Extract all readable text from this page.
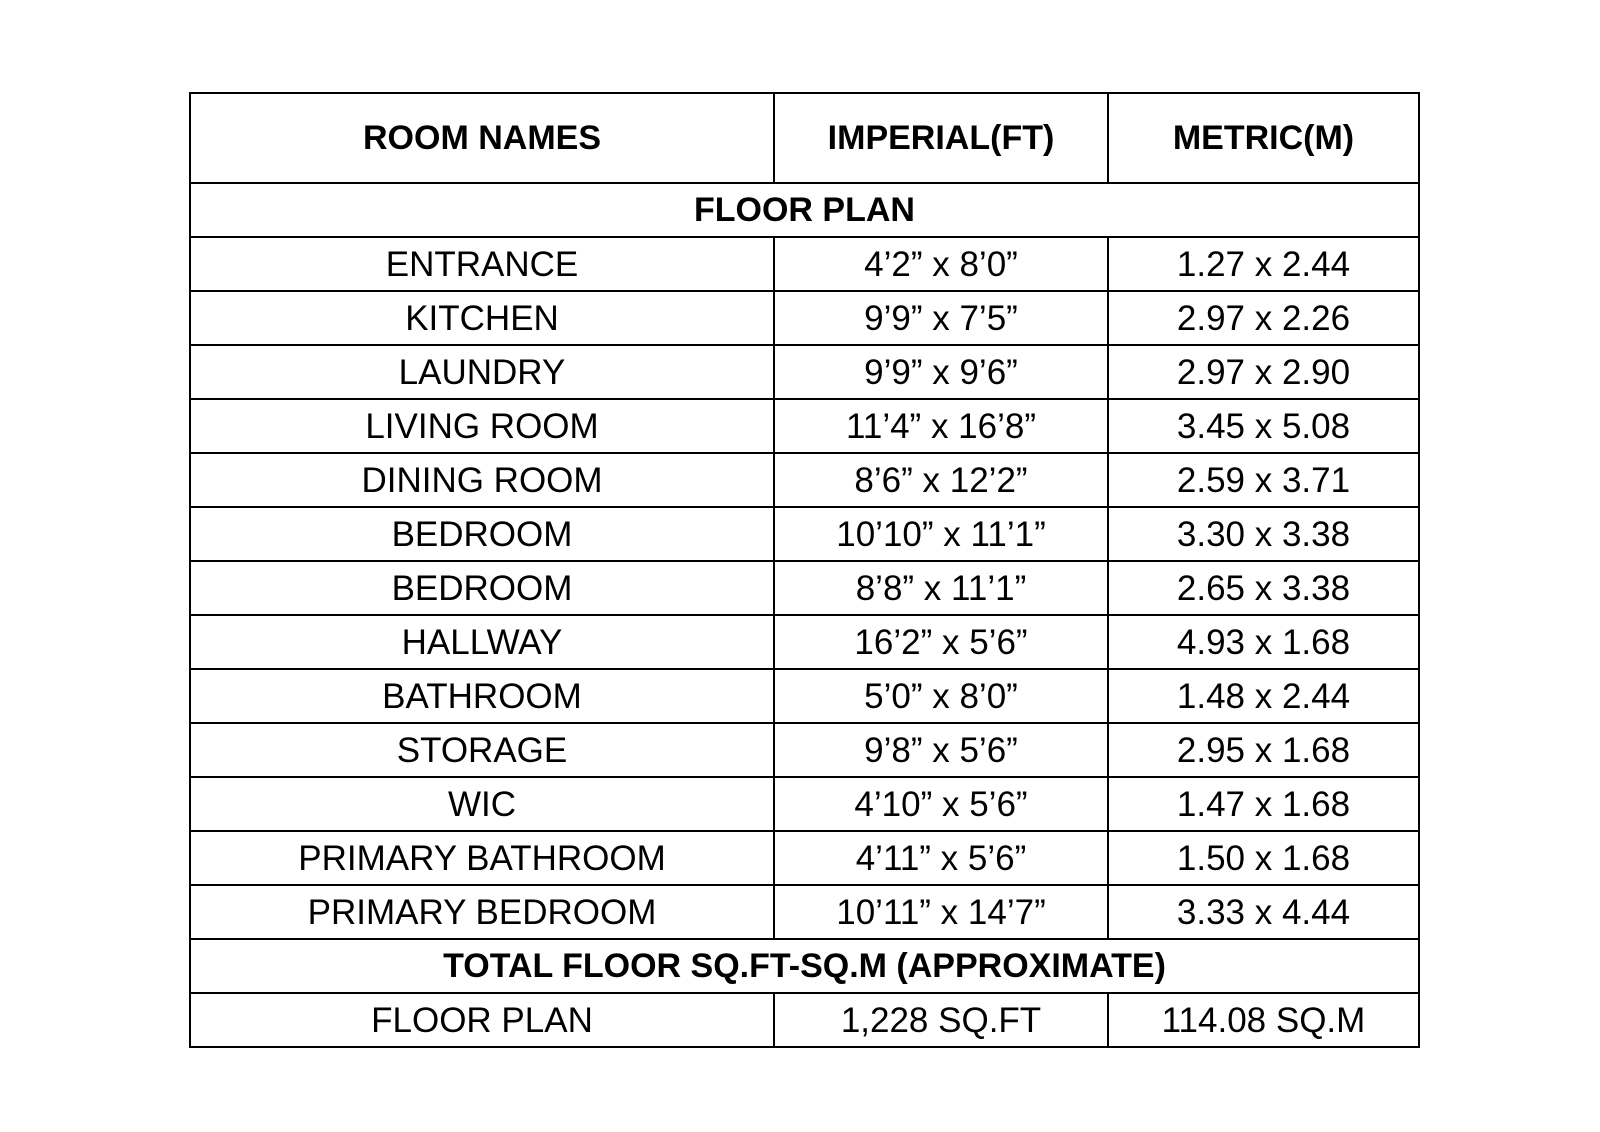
ROOM NAMES	IMPERIAL(FT)	METRIC(M)
FLOOR PLAN		
ENTRANCE	4’2” x 8’0”	1.27 x 2.44
KITCHEN	9’9” x 7’5”	2.97 x 2.26
LAUNDRY	9’9” x 9’6”	2.97 x 2.90
LIVING ROOM	11’4” x 16’8”	3.45 x 5.08
DINING ROOM	8’6” x 12’2”	2.59 x 3.71
BEDROOM	10’10” x 11’1”	3.30 x 3.38
BEDROOM	8’8” x 11’1”	2.65 x 3.38
HALLWAY	16’2” x 5’6”	4.93 x 1.68
BATHROOM	5’0” x 8’0”	1.48 x 2.44
STORAGE	9’8” x 5’6”	2.95 x 1.68
WIC	4’10” x 5’6”	1.47 x 1.68
PRIMARY BATHROOM	4’11” x 5’6”	1.50 x 1.68
PRIMARY BEDROOM	10’11” x 14’7”	3.33 x 4.44
TOTAL FLOOR SQ.FT-SQ.M (APPROXIMATE)		
FLOOR PLAN	1,228 SQ.FT	114.08 SQ.M
